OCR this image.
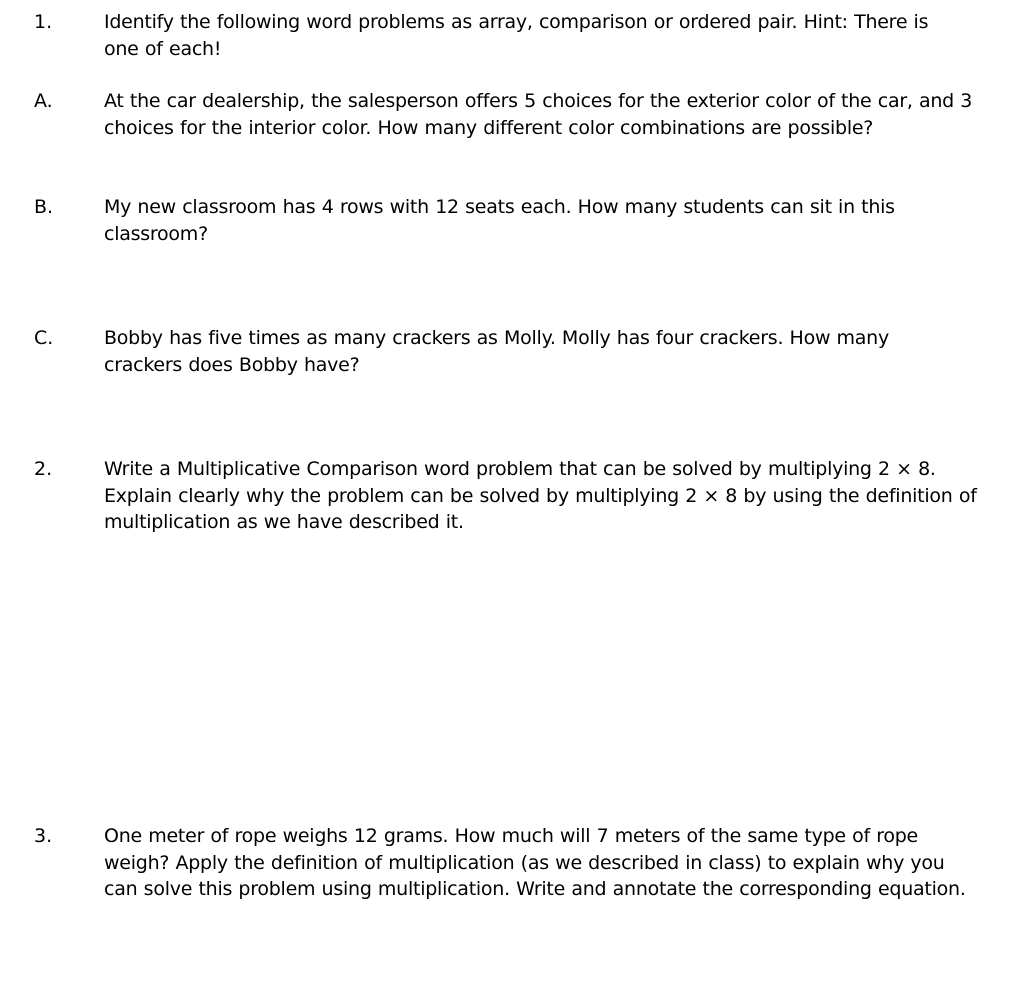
1.	Identify the following word problems as array, comparison or ordered pair. Hint: There is
one of each!
A.	At the car dealership, the salesperson offers 5 choices for the exterior color of the car, and 3
choices for the interior color. How many different color combinations are possible?
B.	My new classroom has 4 rows with 12 seats each. How many students can sit in this
classroom?
C.	Bobby has five times as many crackers as Molly. Molly has four crackers. How many
crackers does Bobby have?
2.	Write a Multiplicative Comparison word problem that can be solved by multiplying 2 × 8.
Explain clearly why the problem can be solved by multiplying 2 × 8 by using the definition of
multiplication as we have described it.
3.	One meter of rope weighs 12 grams. How much will 7 meters of the same type of rope
weigh? Apply the definition of multiplication (as we described in class) to explain why you
can solve this problem using multiplication. Write and annotate the corresponding equation.
